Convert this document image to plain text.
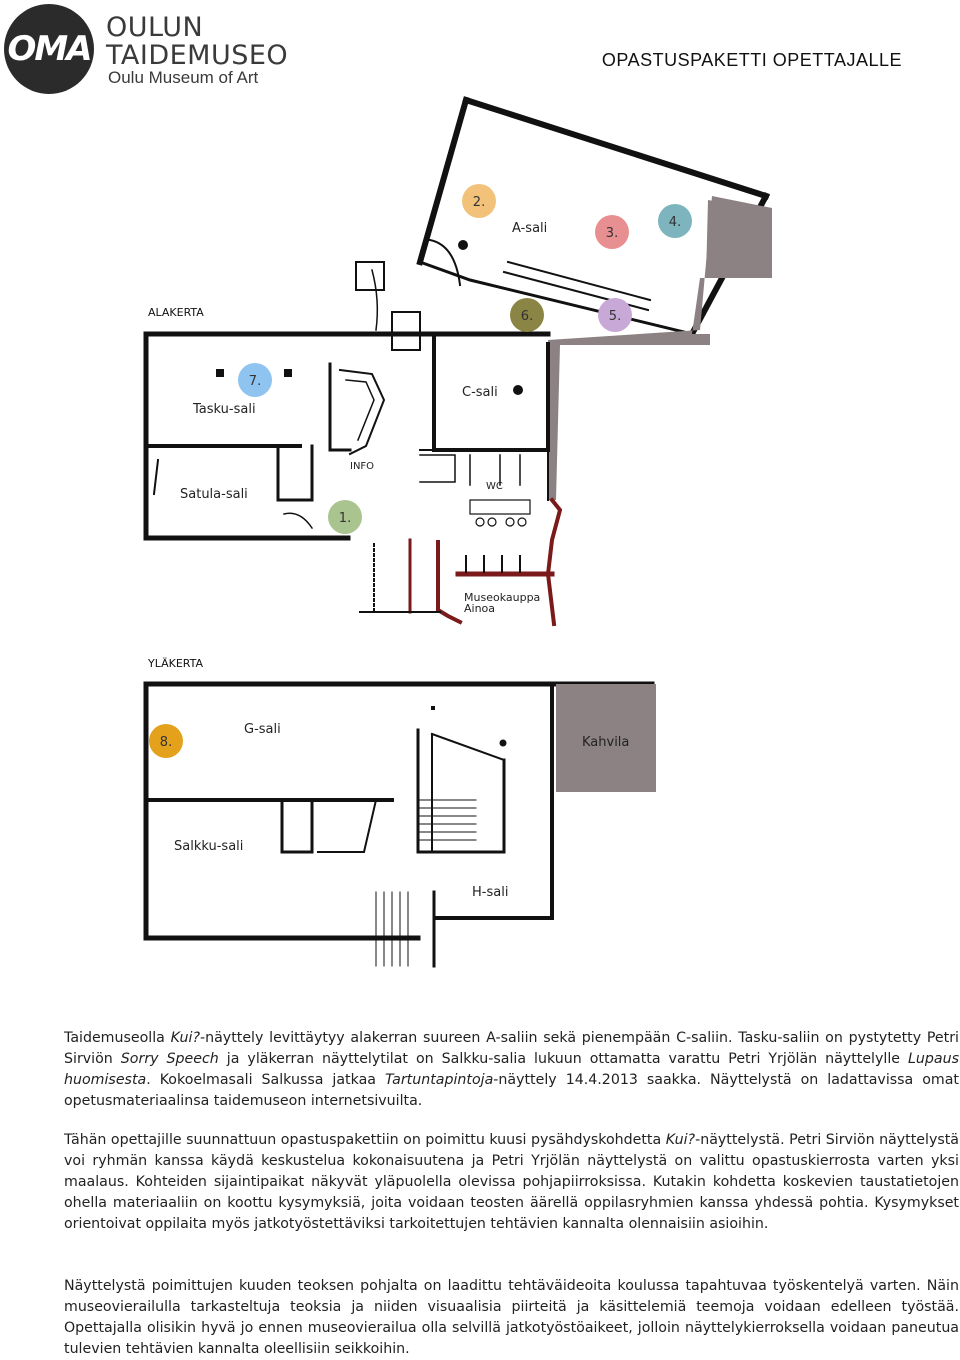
OMA
OULUN
TAIDEMUSEO
Oulu Museum of Art
OPASTUSPAKETTI OPETTAJALLE
ALAKERTA
YLÄKERTA
A-sali
C-sali
Tasku-sali
Satula-sali
INFO
WC
Museokauppa
Ainoa
G-sali
Salkku-sali
H-sali
Kahvila
1.
2.
3.
4.
5.
6.
7.
8.

Taidemuseolla Kui?-näyttely levittäytyy alakerran suureen A-saliin sekä pienempään C-saliin. Tasku-saliin on pystytetty Petri Sirviön Sorry Speech ja yläkerran näyttelytilat on Salkku-salia lukuun ottamatta varattu Petri Yrjölän näyttelylle Lupaus huomisesta. Kokoelmasali Salkussa jatkaa Tartuntapintoja-näyttely 14.4.2013 saakka. Näyttelystä on ladattavissa omat opetusmateriaalinsa taidemuseon internetsivuilta.

Tähän opettajille suunnattuun opastuspakettiin on poimittu kuusi pysähdyskohdetta Kui?-näyttelystä. Petri Sirviön näyttelystä voi ryhmän kanssa käydä keskustelua kokonaisuutena ja Petri Yrjölän näyttelystä on valittu opastuskierrosta varten yksi maalaus. Kohteiden sijaintipaikat näkyvät yläpuolella olevissa pohjapiirroksissa. Kutakin kohdetta koskevien taustatietojen ohella materiaaliin on koottu kysymyksiä, joita voidaan teosten äärellä oppilasryhmien kanssa yhdessä pohtia. Kysymykset orientoivat oppilaita myös jatkotyöstettäviksi tarkoitettujen tehtävien kannalta olennaisiin asioihin.

Näyttelystä poimittujen kuuden teoksen pohjalta on laadittu tehtäväideoita koulussa tapahtuvaa työskentelyä varten. Näin museovierailulla tarkasteltuja teoksia ja niiden visuaalisia piirteitä ja käsittelemiä teemoja voidaan edelleen työstää. Opettajalla olisikin hyvä jo ennen museovierailua olla selvillä jatkotyöstöaikeet, jolloin näyttelykierroksella voidaan paneutua tulevien tehtävien kannalta oleellisiin seikkoihin.
